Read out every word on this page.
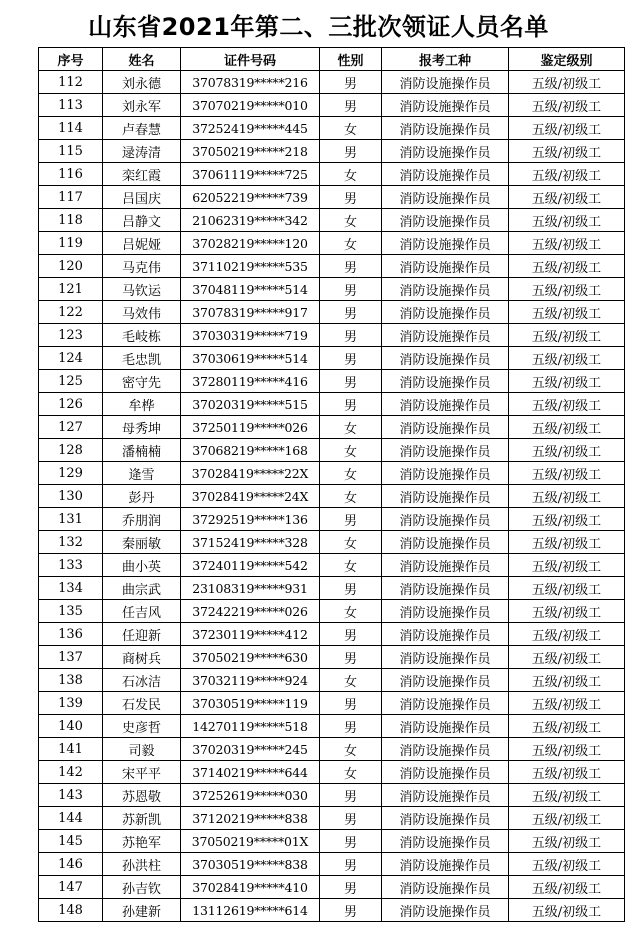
山东省2021年第二、三批次领证人员名单
序号	姓名	证件号码	性别	报考工种	鉴定级别
112	刘永德	37078319*****216	男	消防设施操作员	五级/初级工
113	刘永军	37070219*****010	男	消防设施操作员	五级/初级工
114	卢春慧	37252419*****445	女	消防设施操作员	五级/初级工
115	逯涛清	37050219*****218	男	消防设施操作员	五级/初级工
116	栾红霞	37061119*****725	女	消防设施操作员	五级/初级工
117	吕国庆	62052219*****739	男	消防设施操作员	五级/初级工
118	吕静文	21062319*****342	女	消防设施操作员	五级/初级工
119	吕妮娅	37028219*****120	女	消防设施操作员	五级/初级工
120	马克伟	37110219*****535	男	消防设施操作员	五级/初级工
121	马钦运	37048119*****514	男	消防设施操作员	五级/初级工
122	马效伟	37078319*****917	男	消防设施操作员	五级/初级工
123	毛岐栋	37030319*****719	男	消防设施操作员	五级/初级工
124	毛忠凯	37030619*****514	男	消防设施操作员	五级/初级工
125	密守先	37280119*****416	男	消防设施操作员	五级/初级工
126	牟桦	37020319*****515	男	消防设施操作员	五级/初级工
127	母秀坤	37250119*****026	女	消防设施操作员	五级/初级工
128	潘楠楠	37068219*****168	女	消防设施操作员	五级/初级工
129	逄雪	37028419*****22X	女	消防设施操作员	五级/初级工
130	彭丹	37028419*****24X	女	消防设施操作员	五级/初级工
131	乔朋润	37292519*****136	男	消防设施操作员	五级/初级工
132	秦丽敏	37152419*****328	女	消防设施操作员	五级/初级工
133	曲小英	37240119*****542	女	消防设施操作员	五级/初级工
134	曲宗武	23108319*****931	男	消防设施操作员	五级/初级工
135	任吉风	37242219*****026	女	消防设施操作员	五级/初级工
136	任迎新	37230119*****412	男	消防设施操作员	五级/初级工
137	商树兵	37050219*****630	男	消防设施操作员	五级/初级工
138	石冰洁	37032119*****924	女	消防设施操作员	五级/初级工
139	石发民	37030519*****119	男	消防设施操作员	五级/初级工
140	史彦哲	14270119*****518	男	消防设施操作员	五级/初级工
141	司毅	37020319*****245	女	消防设施操作员	五级/初级工
142	宋平平	37140219*****644	女	消防设施操作员	五级/初级工
143	苏恩敬	37252619*****030	男	消防设施操作员	五级/初级工
144	苏新凯	37120219*****838	男	消防设施操作员	五级/初级工
145	苏艳军	37050219*****01X	男	消防设施操作员	五级/初级工
146	孙洪柱	37030519*****838	男	消防设施操作员	五级/初级工
147	孙吉钦	37028419*****410	男	消防设施操作员	五级/初级工
148	孙建新	13112619*****614	男	消防设施操作员	五级/初级工
